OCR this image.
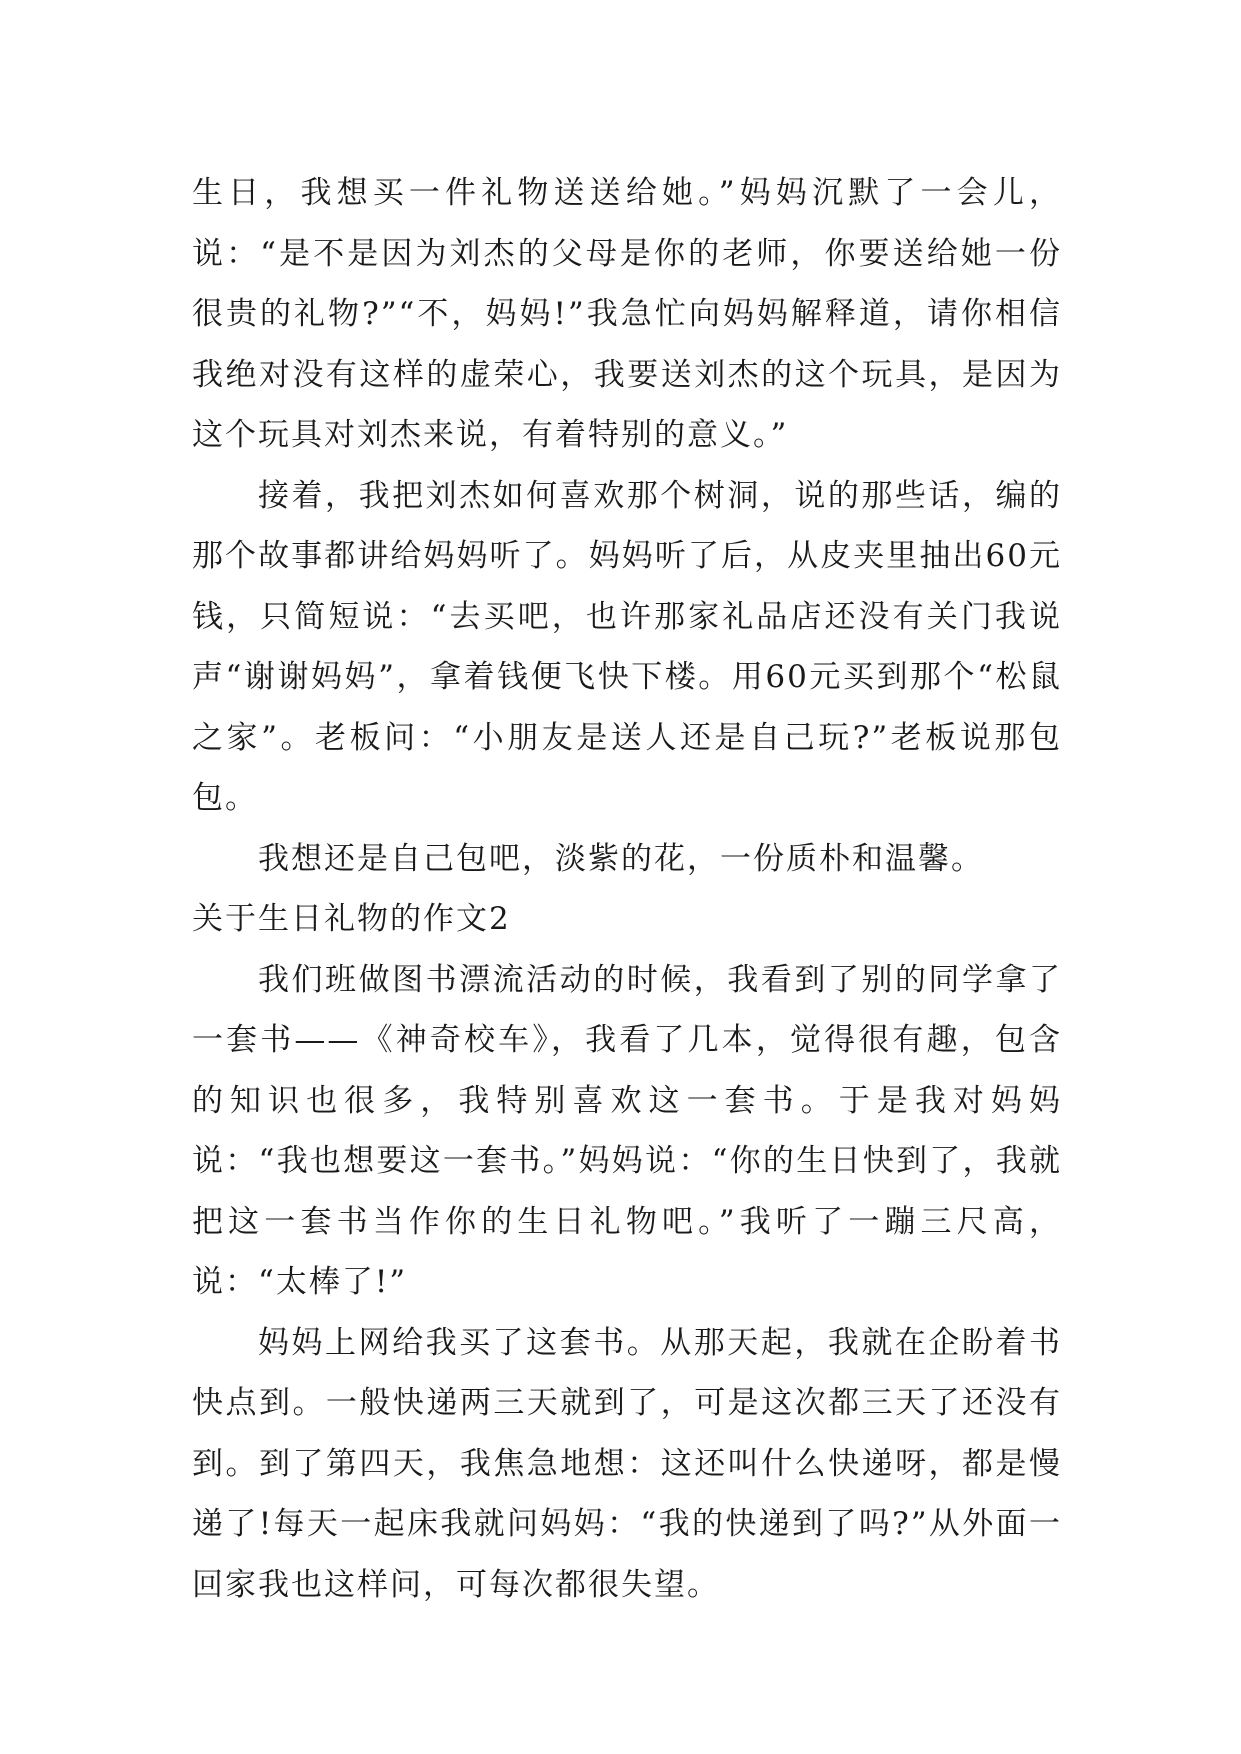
生日，我想买一件礼物送送给她。”妈妈沉默了一会儿，说：“是不是因为刘杰的父母是你的老师，你要送给她一份很贵的礼物?”“不，妈妈!”我急忙向妈妈解释道，请你相信我绝对没有这样的虚荣心，我要送刘杰的这个玩具，是因为这个玩具对刘杰来说，有着特别的意义。”

接着，我把刘杰如何喜欢那个树洞，说的那些话，编的那个故事都讲给妈妈听了。妈妈听了后，从皮夹里抽出60元钱，只简短说：“去买吧，也许那家礼品店还没有关门我说声“谢谢妈妈”，拿着钱便飞快下楼。用60元买到那个“松鼠之家”。老板问：“小朋友是送人还是自己玩?”老板说那包包。

我想还是自己包吧，淡紫的花，一份质朴和温馨。

关于生日礼物的作文2

我们班做图书漂流活动的时候，我看到了别的同学拿了一套书——《神奇校车》，我看了几本，觉得很有趣，包含的知识也很多，我特别喜欢这一套书。于是我对妈妈说：“我也想要这一套书。”妈妈说：“你的生日快到了，我就把这一套书当作你的生日礼物吧。”我听了一蹦三尺高，说：“太棒了!”

妈妈上网给我买了这套书。从那天起，我就在企盼着书快点到。一般快递两三天就到了，可是这次都三天了还没有到。到了第四天，我焦急地想：这还叫什么快递呀，都是慢递了!每天一起床我就问妈妈：“我的快递到了吗?”从外面一回家我也这样问，可每次都很失望。
